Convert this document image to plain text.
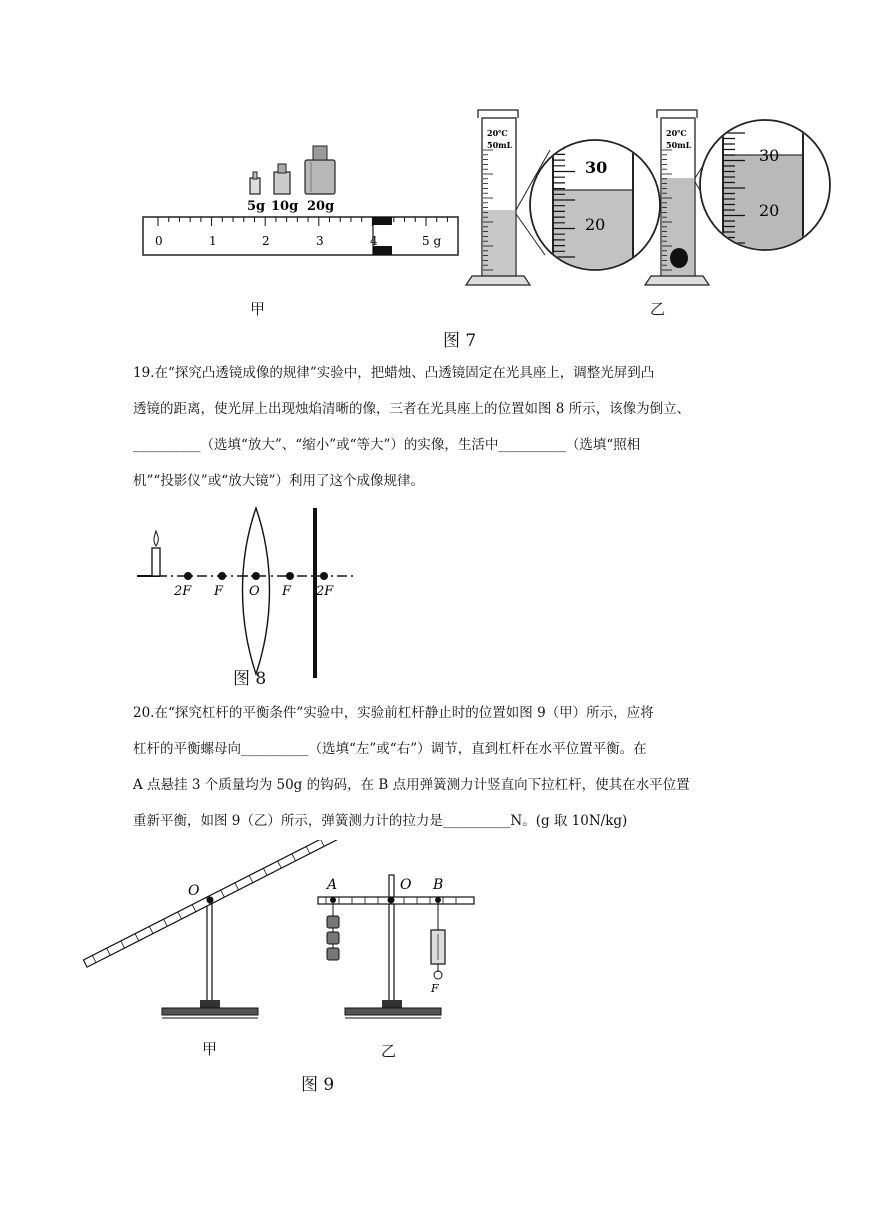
5g 10g 20g
0	1	2	3	4	5 g
20℃
50mL
30
20
20℃
50mL
30
20
甲	乙
图 7
19.在“探究凸透镜成像的规律”实验中，把蜡烛、凸透镜固定在光具座上，调整光屏到凸
透镜的距离，使光屏上出现烛焰清晰的像，三者在光具座上的位置如图 8 所示，该像为倒立、
__________（选填“放大”、“缩小”或“等大”）的实像，生活中__________（选填“照相
机”“投影仪”或“放大镜”）利用了这个成像规律。
2F F O F 2F
图 8
20.在“探究杠杆的平衡条件”实验中，实验前杠杆静止时的位置如图 9（甲）所示，应将
杠杆的平衡螺母向__________（选填“左”或“右”）调节，直到杠杆在水平位置平衡。在
A 点悬挂 3 个质量均为 50g 的钩码，在 B 点用弹簧测力计竖直向下拉杠杆，使其在水平位置
重新平衡，如图 9（乙）所示，弹簧测力计的拉力是__________N。(g 取 10N/kg)
O	A	O B
F
甲	乙
图 9
